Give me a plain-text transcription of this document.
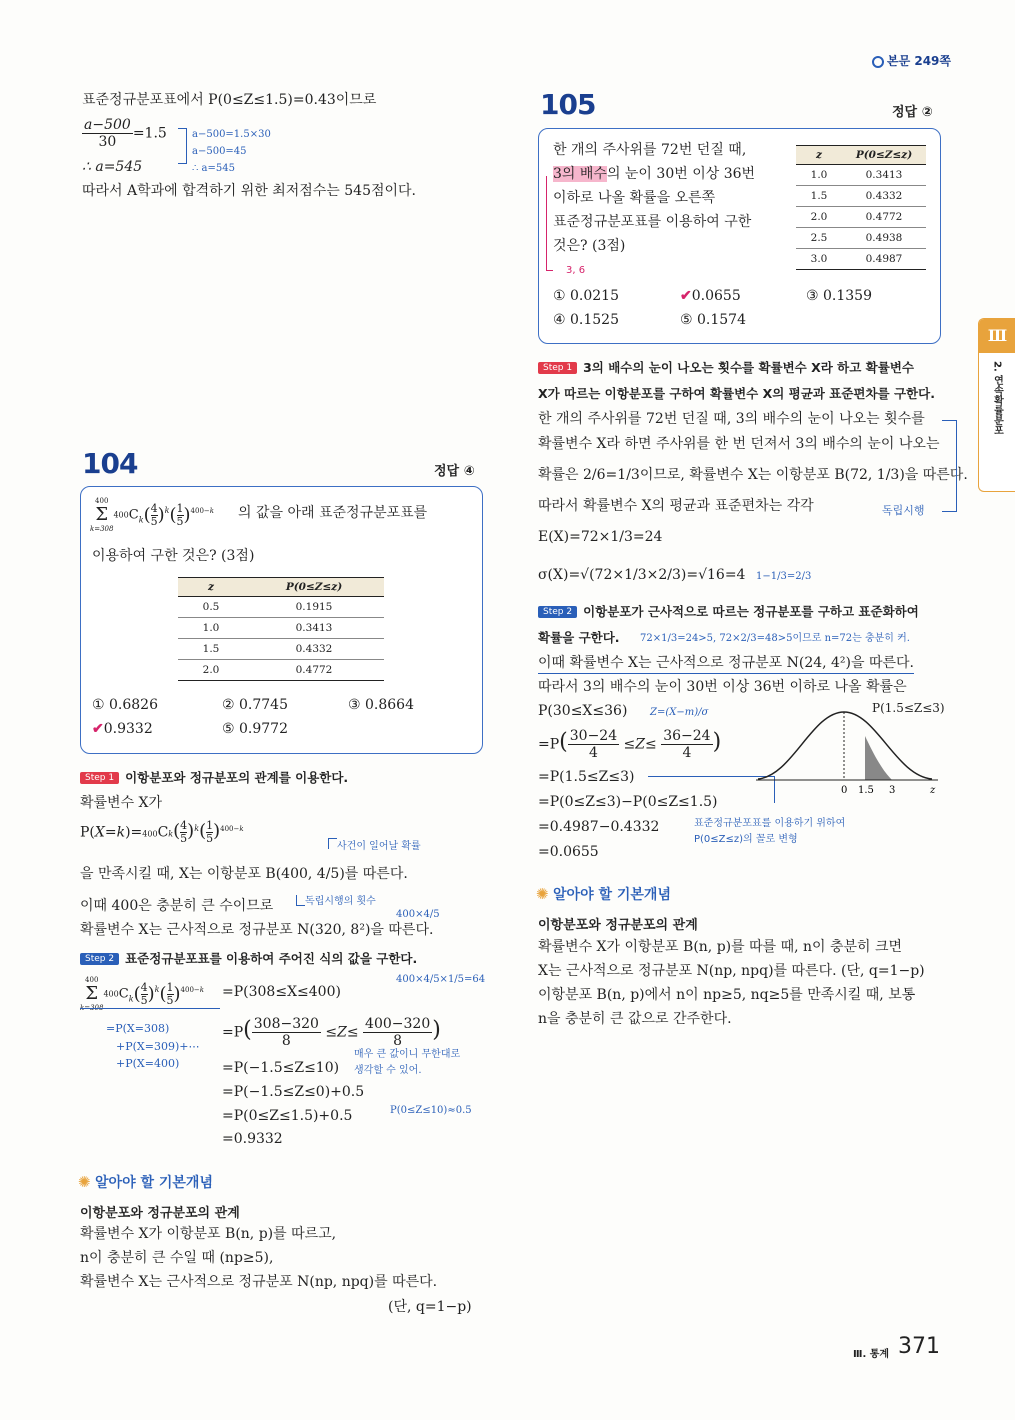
본문 249쪽
표준정규분포표에서 P(0≤Z≤1.5)=0.43이므로
$\frac{a-500}{30} =1.5$	a−500=1.5×30
a−500=45
∴ a=545
∴ a=545
따라서 A학과에 합격하기 위한 최저점수는 545점이다.
104	정답 ④
400
Σ
k=308
$400C_k$( 4
5)$^k$( 1
5)$^{400-k}$ 의 값을 아래 표준정규분포표를
이용하여 구한 것은? (3점)
z	P(0≤Z≤z)
0.5	0.1915
1.0	0.3413
1.5	0.4332
2.0	0.4772
① 0.6826	② 0.7745	③ 0.8664
✔0.9332	⑤ 0.9772
Step 1 이항분포와 정규분포의 관계를 이용한다.
확률변수 X가
P(X=k)=400Ck( 4
5)$^k$( 1
5)$^{400-k}$
사건이 일어날 확률
을 만족시킬 때, X는 이항분포 B(400, 4/5)를 따른다.
독립시행의 횟수
이때 400은 충분히 큰 수이므로
400×4/5
확률변수 X는 근사적으로 정규분포 N(320, 8²)을 따른다.
Step 2 표준정규분포표를 이용하여 주어진 식의 값을 구한다.
400×4/5×1/5=64
400
Σ
k=308
$400C_k$( 4
5)$^k$( 1
5)$^{400-k}$ =P(308≤X≤400)
=P(X=308)
+P(X=309)+⋯
+P(X=400)
=P( 308−320
8 ≤Z≤
400−320
8 )
=P(−1.5≤Z≤10)
매우 큰 값이니 무한대로
생각할 수 있어.
=P(−1.5≤Z≤0)+0.5
=P(0≤Z≤1.5)+0.5	P(0≤Z≤10)≈0.5
=0.9332
✺ 알아야 할 기본개념
이항분포와 정규분포의 관계
확률변수 X가 이항분포 B(n, p)를 따르고,
n이 충분히 큰 수일 때 (np≥5),
확률변수 X는 근사적으로 정규분포 N(np, npq)를 따른다.
(단, q=1−p)
105	정답 ②
한 개의 주사위를 72번 던질 때,
3의 배수의 눈이 30번 이상 36번
이하로 나올 확률을 오른쪽
표준정규분포표를 이용하여 구한
것은? (3점)
3, 6
z	P(0≤Z≤z)
1.0	0.3413
1.5	0.4332
2.0	0.4772
2.5	0.4938
3.0	0.4987
① 0.0215	✔0.0655	③ 0.1359
④ 0.1525	⑤ 0.1574
Step 1 3의 배수의 눈이 나오는 횟수를 확률변수 X라 하고 확률변수
X가 따르는 이항분포를 구하여 확률변수 X의 평균과 표준편차를 구한다.
한 개의 주사위를 72번 던질 때, 3의 배수의 눈이 나오는 횟수를
확률변수 X라 하면 주사위를 한 번 던져서 3의 배수의 눈이 나오는
확률은 2/6=1/3이므로, 확률변수 X는 이항분포 B(72, 1/3)을 따른다.
따라서 확률변수 X의 평균과 표준편차는 각각	독립시행
E(X)=72×1/3=24
σ(X)=√(72×1/3×2/3)=√16=4 1−1/3=2/3
Step 2 이항분포가 근사적으로 따르는 정규분포를 구하고 표준화하여
확률을 구한다. 72×1/3=24>5, 72×2/3=48>5이므로 n=72는 충분히 커.
이때 확률변수 X는 근사적으로 정규분포 N(24, 4²)을 따른다.
따라서 3의 배수의 눈이 30번 이상 36번 이하로 나올 확률은
P(30≤X≤36) Z=(X−m)/σ
=P( 30−24
4 ≤Z≤
36−24
4 )
=P(1.5≤Z≤3)
=P(0≤Z≤3)−P(0≤Z≤1.5)
=0.4987−0.4332
=0.0655
표준정규분포표를 이용하기 위하여
P(0≤Z≤z)의 꼴로 변형
0 1.5 3	z
P(1.5≤Z≤3)
✺ 알아야 할 기본개념
이항분포와 정규분포의 관계
확률변수 X가 이항분포 B(n, p)를 따를 때, n이 충분히 크면
X는 근사적으로 정규분포 N(np, npq)를 따른다. (단, q=1−p)
이항분포 B(n, p)에서 n이 np≥5, nq≥5를 만족시킬 때, 보통
n을 충분히 큰 값으로 간주한다.
Ⅲ
2. 연속확률분포
Ⅲ. 통계 371
